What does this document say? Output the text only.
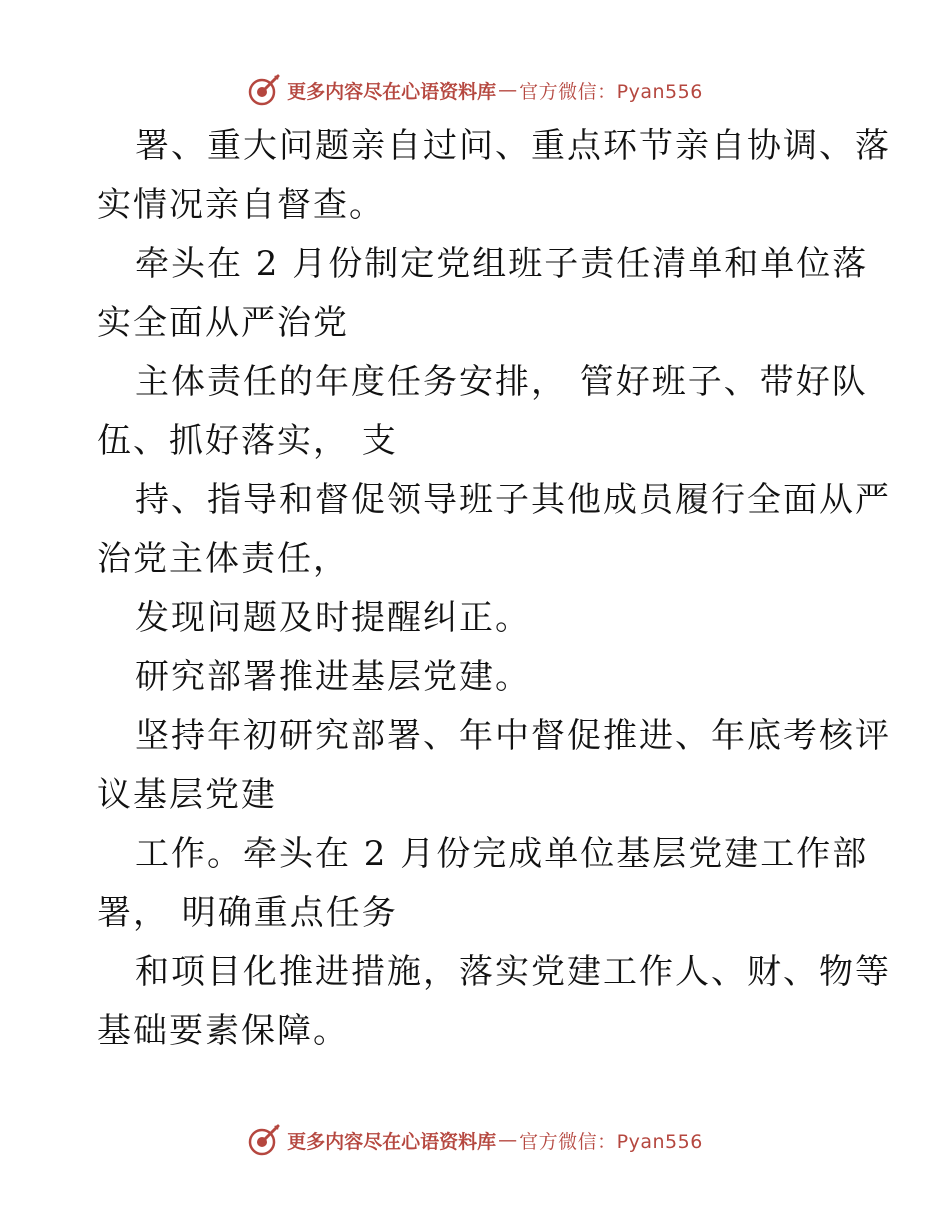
更多内容尽在心语资料库 — 官方微信：Pyan556
署、重大问题亲自过问、重点环节亲自协调、落
实情况亲自督查。
牵头在 2 月份制定党组班子责任清单和单位落
实全面从严治党
主体责任的年度任务安排， 管好班子、带好队
伍、抓好落实， 支
持、指导和督促领导班子其他成员履行全面从严
治党主体责任，
发现问题及时提醒纠正。
研究部署推进基层党建。
坚持年初研究部署、年中督促推进、年底考核评
议基层党建
工作。牵头在 2 月份完成单位基层党建工作部
署， 明确重点任务
和项目化推进措施，落实党建工作人、财、物等
基础要素保障。
更多内容尽在心语资料库 — 官方微信：Pyan556
